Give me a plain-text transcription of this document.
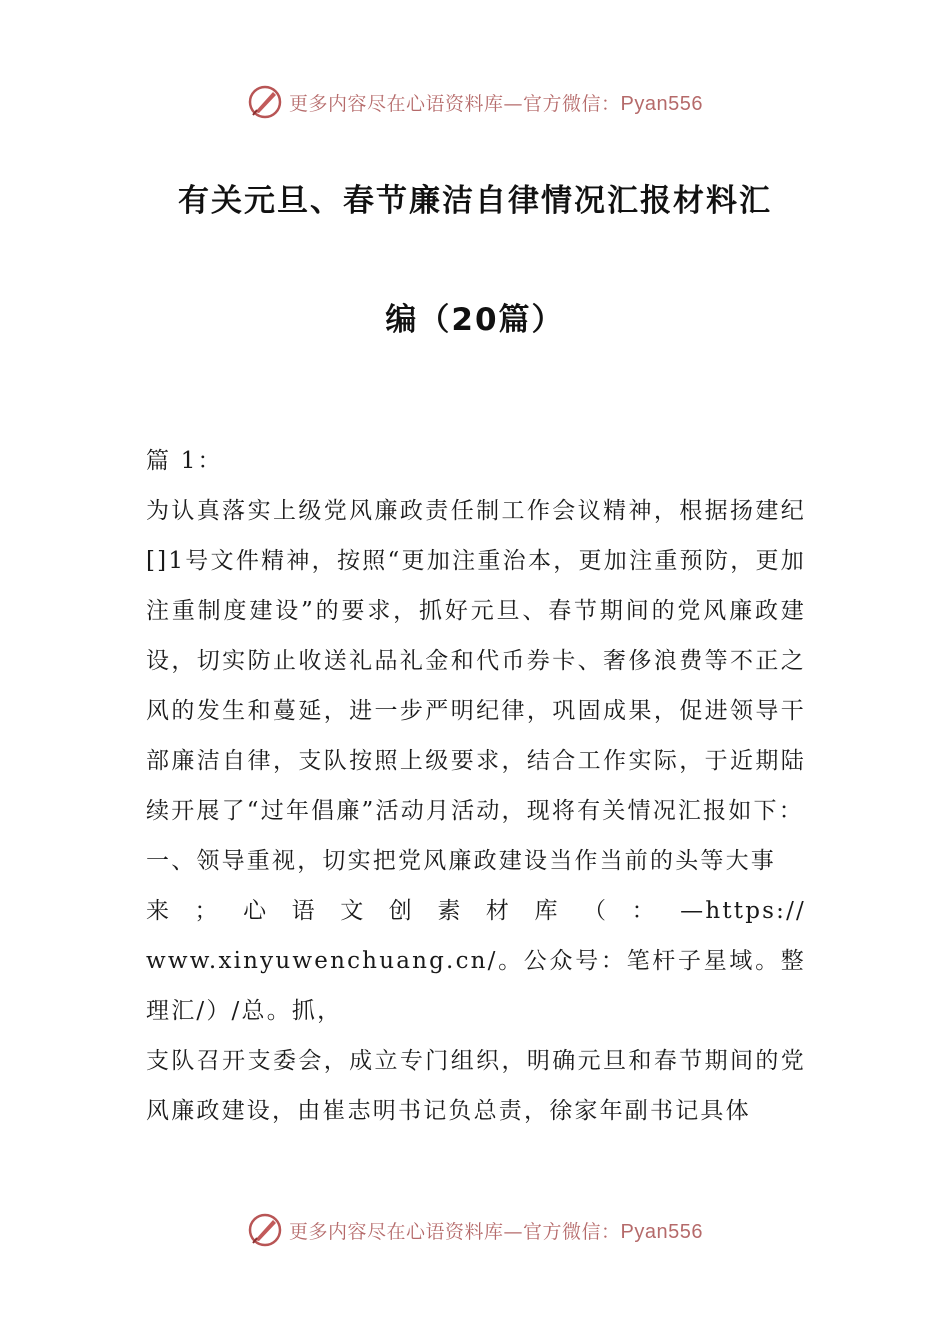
更多内容尽在心语资料库—官方微信：Pyan556
有关元旦、春节廉洁自律情况汇报材料汇
编（20篇）

篇 1：

为认真落实上级党风廉政责任制工作会议精神，根据扬建纪[]1号文件精神，按照“更加注重治本，更加注重预防，更加注重制度建设”的要求，抓好元旦、春节期间的党风廉政建设，切实防止收送礼品礼金和代币券卡、奢侈浪费等不正之风的发生和蔓延，进一步严明纪律，巩固成果，促进领导干部廉洁自律，支队按照上级要求，结合工作实际，于近期陆续开展了“过年倡廉”活动月活动，现将有关情况汇报如下：

一、领导重视，切实把党风廉政建设当作当前的头等大事

来；心语文创素材库（：—https://

www.xinyuwenchuang.cn/。公众号：笔杆子星域。整理汇/）/总。抓，

支队召开支委会，成立专门组织，明确元旦和春节期间的党风廉政建设，由崔志明书记负总责，徐家年副书记具体

更多内容尽在心语资料库—官方微信：Pyan556
